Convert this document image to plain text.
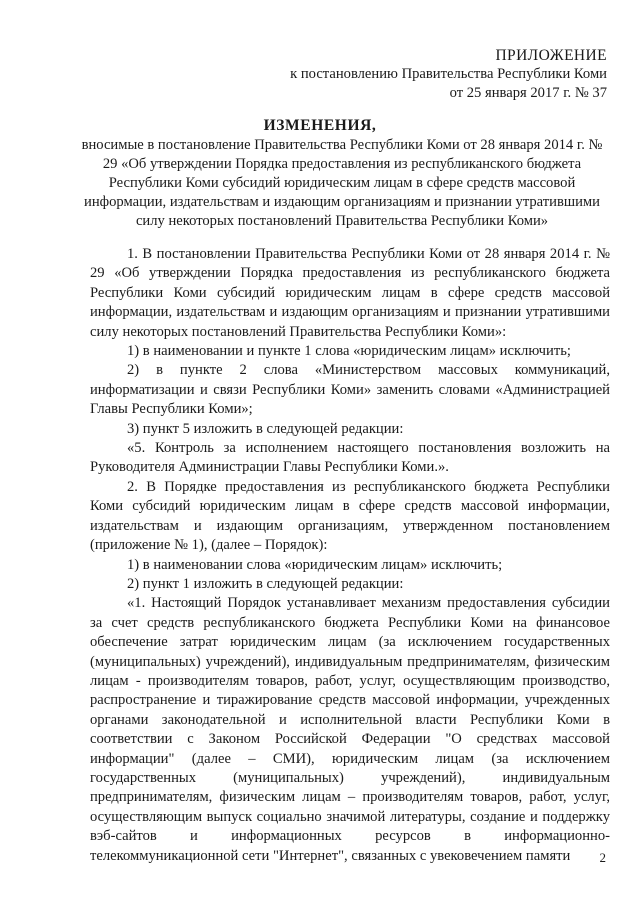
ПРИЛОЖЕНИЕ
к постановлению Правительства Республики Коми
от 25 января 2017 г. № 37
ИЗМЕНЕНИЯ,
вносимые в постановление Правительства Республики Коми от 28 января 2014 г. № 29 «Об утверждении Порядка предоставления из республиканского бюджета Республики Коми субсидий юридическим лицам в сфере средств массовой информации, издательствам и издающим организациям и признании утратившими силу некоторых постановлений Правительства Республики Коми»

1. В постановлении Правительства Республики Коми от 28 января 2014 г. № 29 «Об утверждении Порядка предоставления из республиканского бюджета Республики Коми субсидий юридическим лицам в сфере средств массовой информации, издательствам и издающим организациям и признании утратившими силу некоторых постановлений Правительства Республики Коми»:

1) в наименовании и пункте 1 слова «юридическим лицам» исключить;

2) в пункте 2 слова «Министерством массовых коммуникаций, информатизации и связи Республики Коми» заменить словами «Администрацией Главы Республики Коми»;

3) пункт 5 изложить в следующей редакции:

«5. Контроль за исполнением настоящего постановления возложить на Руководителя Администрации Главы Республики Коми.».

2. В Порядке предоставления из республиканского бюджета Республики Коми субсидий юридическим лицам в сфере средств массовой информации, издательствам и издающим организациям, утвержденном постановлением (приложение № 1), (далее – Порядок):

1) в наименовании слова «юридическим лицам» исключить;

2) пункт 1 изложить в следующей редакции:

«1. Настоящий Порядок устанавливает механизм предоставления субсидии за счет средств республиканского бюджета Республики Коми на финансовое обеспечение затрат юридическим лицам (за исключением государственных (муниципальных) учреждений), индивидуальным предпринимателям, физическим лицам - производителям товаров, работ, услуг, осуществляющим производство, распространение и тиражирование средств массовой информации, учрежденных органами законодательной и исполнительной власти Республики Коми в соответствии с Законом Российской Федерации "О средствах массовой информации" (далее – СМИ), юридическим лицам (за исключением государственных (муниципальных) учреждений), индивидуальным предпринимателям, физическим лицам – производителям товаров, работ, услуг, осуществляющим выпуск социально значимой литературы, создание и поддержку вэб-сайтов и информационных ресурсов в информационно-телекоммуникационной сети "Интернет", связанных с увековечением памяти	2
